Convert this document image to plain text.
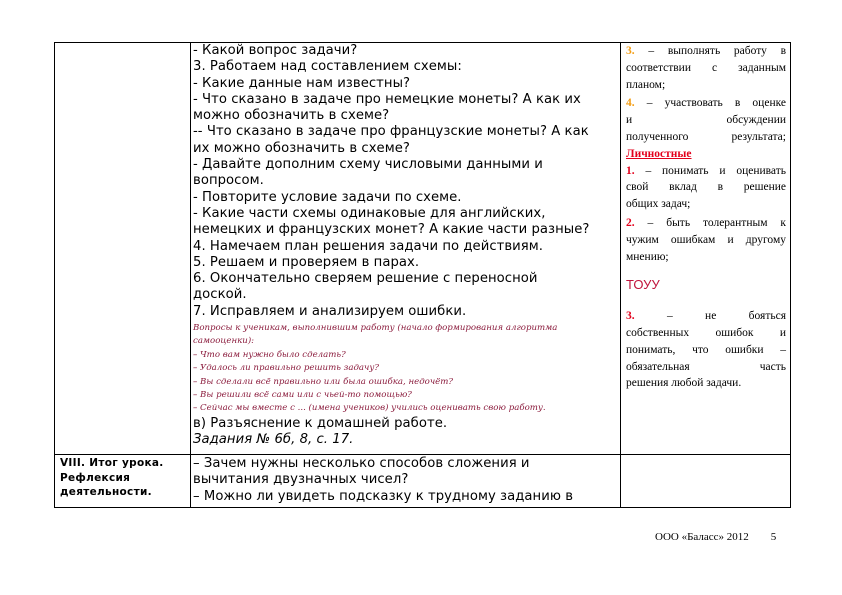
- Какой вопрос задачи?
3. Работаем над составлением схемы:
- Какие данные нам известны?
- Что сказано в задаче про немецкие монеты? А как их
можно обозначить в схеме?
-- Что сказано в задаче про французские монеты? А как
их можно обозначить в схеме?
- Давайте дополним схему числовыми данными и
вопросом.
- Повторите условие задачи по схеме.
- Какие части схемы одинаковые для английских,
немецких и французских монет? А какие части разные?
4. Намечаем план решения задачи по действиям.
5. Решаем и проверяем в парах.
6. Окончательно сверяем решение с переносной
доской.
7. Исправляем и анализируем ошибки.
Вопросы к ученикам, выполнившим работу (начало формирования алгоритма
самооценки):
– Что вам нужно было сделать?
– Удалось ли правильно решить задачу?
– Вы сделали всё правильно или была ошибка, недочёт?
– Вы решили всё сами или с чьей-то помощью?
– Сейчас мы вместе с ... (имена учеников) учились оценивать свою работу.
в) Разъяснение к домашней работе.
Задания № 6б, 8, с. 17.
3. – выполнять работу в
соответствии с заданным
планом;
4. – участвовать в оценке
и обсуждении
полученного результата;
Личностные
1. – понимать и оценивать
свой вклад в решение
общих задач;
2. – быть толерантным к
чужим ошибкам и другому
мнению;
ТОУУ
3.	– не бояться
собственных ошибок и
понимать, что ошибки –
обязательная часть
решения любой задачи.
VIII. Итог урока.
Рефлексия
деятельности.
– Зачем нужны несколько способов сложения и
вычитания двузначных чисел?
– Можно ли увидеть подсказку к трудному заданию в
ООО «Баласс» 2012 5
